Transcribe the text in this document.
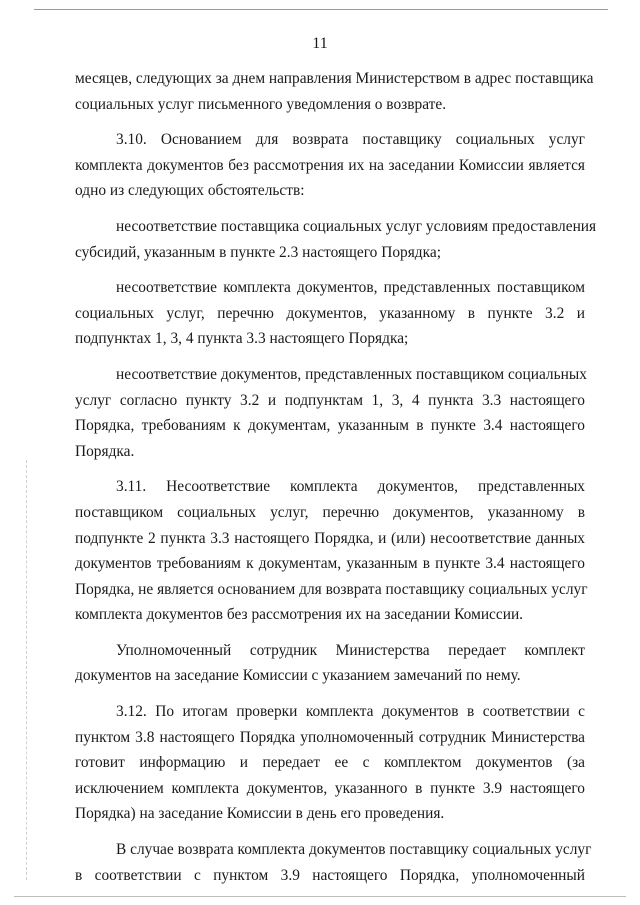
11
месяцев, следующих за днем направления Министерством в адрес поставщика
социальных услуг письменного уведомления о возврате.
3.10. Основанием для возврата поставщику социальных услуг
комплекта документов без рассмотрения их на заседании Комиссии является
одно из следующих обстоятельств:
несоответствие поставщика социальных услуг условиям предоставления
субсидий, указанным в пункте 2.3 настоящего Порядка;
несоответствие комплекта документов, представленных поставщиком
социальных услуг, перечню документов, указанному в пункте 3.2 и
подпунктах 1, 3, 4 пункта 3.3 настоящего Порядка;
несоответствие документов, представленных поставщиком социальных
услуг согласно пункту 3.2 и подпунктам 1, 3, 4 пункта 3.3 настоящего
Порядка, требованиям к документам, указанным в пункте 3.4 настоящего
Порядка.
3.11. Несоответствие комплекта документов, представленных
поставщиком социальных услуг, перечню документов, указанному в
подпункте 2 пункта 3.3 настоящего Порядка, и (или) несоответствие данных
документов требованиям к документам, указанным в пункте 3.4 настоящего
Порядка, не является основанием для возврата поставщику социальных услуг
комплекта документов без рассмотрения их на заседании Комиссии.
Уполномоченный сотрудник Министерства передает комплект
документов на заседание Комиссии с указанием замечаний по нему.
3.12. По итогам проверки комплекта документов в соответствии с
пунктом 3.8 настоящего Порядка уполномоченный сотрудник Министерства
готовит информацию и передает ее с комплектом документов (за
исключением комплекта документов, указанного в пункте 3.9 настоящего
Порядка) на заседание Комиссии в день его проведения.
В случае возврата комплекта документов поставщику социальных услуг
в соответствии с пунктом 3.9 настоящего Порядка, уполномоченный
